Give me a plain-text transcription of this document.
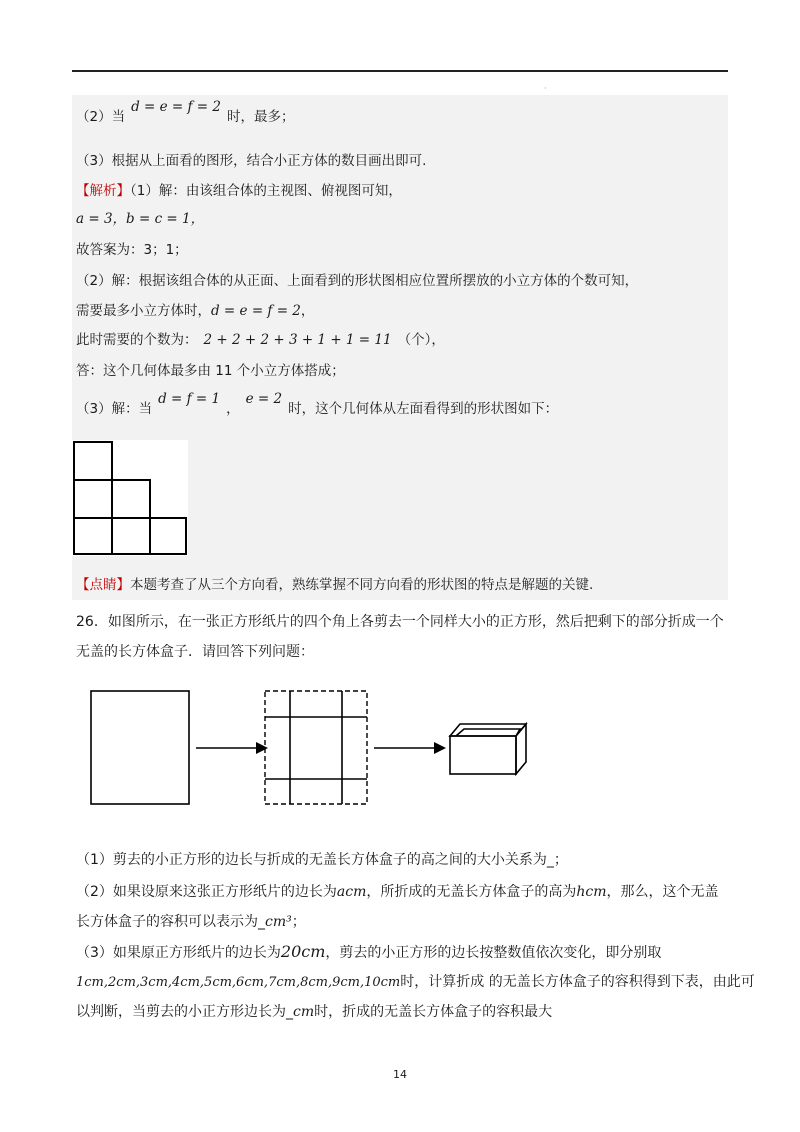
·
（2）当d = e = f = 2时，最多；
（3）根据从上面看的图形，结合小正方体的数目画出即可.
【解析】（1）解：由该组合体的主视图、俯视图可知，
a = 3，b = c = 1，
故答案为：3；1；
（2）解：根据该组合体的从正面、上面看到的形状图相应位置所摆放的小立方体的个数可知，
需要最多小立方体时，d = e = f = 2，
此时需要的个数为： 2 + 2 + 2 + 3 + 1 + 1 = 11 （个），
答：这个几何体最多由 11 个小立方体搭成；
（3）解：当d = f = 1，e = 2时，这个几何体从左面看得到的形状图如下：
【点睛】本题考查了从三个方向看，熟练掌握不同方向看的形状图的特点是解题的关键.
26．如图所示，在一张正方形纸片的四个角上各剪去一个同样大小的正方形，然后把剩下的部分折成一个
无盖的长方体盒子．请回答下列问题：
（1）剪去的小正方形的边长与折成的无盖长方体盒子的高之间的大小关系为_；
（2）如果设原来这张正方形纸片的边长为acm，所折成的无盖长方体盒子的高为hcm，那么，这个无盖
长方体盒子的容积可以表示为_cm³；
（3）如果原正方形纸片的边长为20cm，剪去的小正方形的边长按整数值依次变化，即分别取
1cm,2cm,3cm,4cm,5cm,6cm,7cm,8cm,9cm,10cm时，计算折成 的无盖长方体盒子的容积得到下表，由此可
以判断，当剪去的小正方形边长为_cm时，折成的无盖长方体盒子的容积最大
14
